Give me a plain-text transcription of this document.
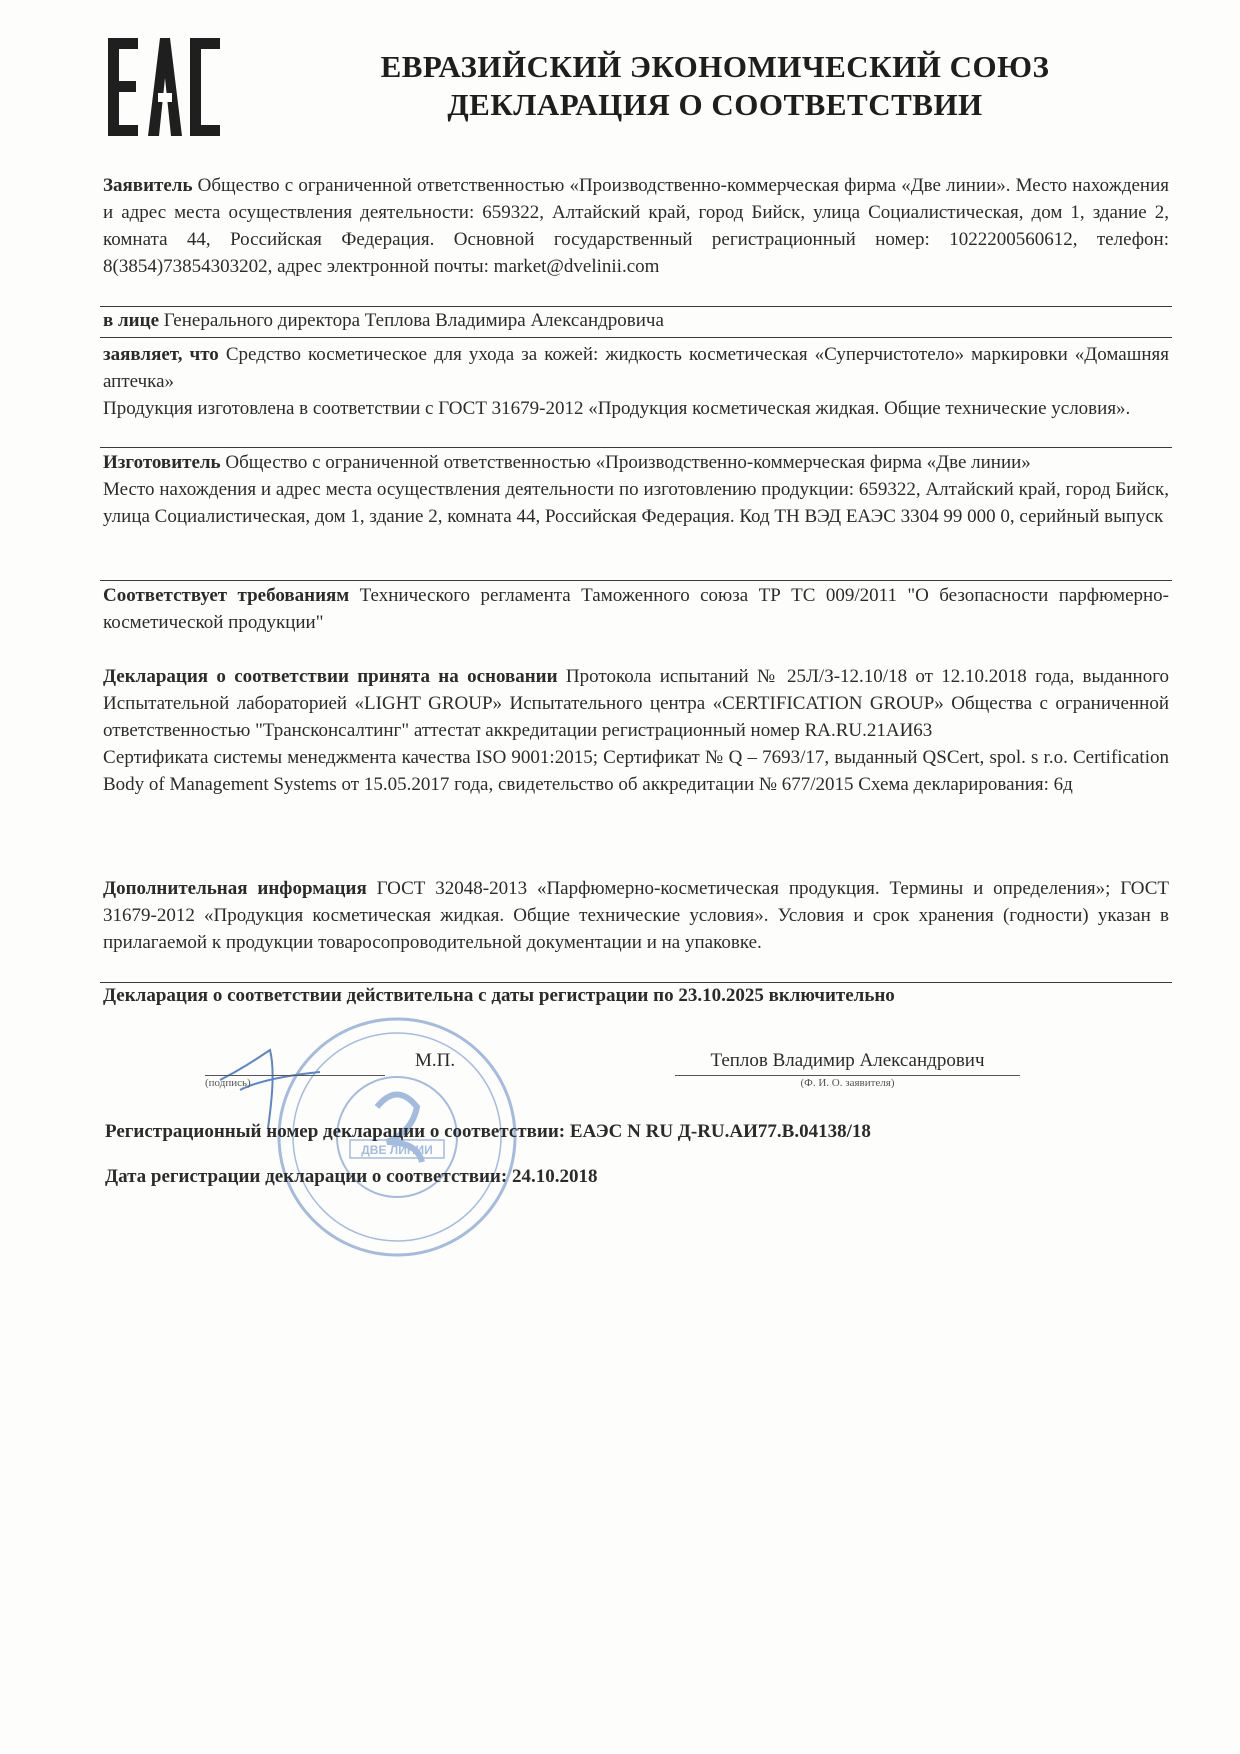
ЕВРАЗИЙСКИЙ ЭКОНОМИЧЕСКИЙ СОЮЗ
ДЕКЛАРАЦИЯ О СООТВЕТСТВИИ
Заявитель Общество с ограниченной ответственностью «Производственно-коммерческая фирма «Две линии». Место нахождения и адрес места осуществления деятельности: 659322, Алтайский край, город Бийск, улица Социалистическая, дом 1, здание 2, комната 44, Российская Федерация. Основной государственный регистрационный номер: 1022200560612, телефон: 8(3854)73854303202, адрес электронной почты: market@dvelinii.com
в лице Генерального директора Теплова Владимира Александровича
заявляет, что Средство косметическое для ухода за кожей: жидкость косметическая «Суперчистотело» маркировки «Домашняя аптечка»
Продукция изготовлена в соответствии с ГОСТ 31679-2012 «Продукция косметическая жидкая. Общие технические условия».
Изготовитель Общество с ограниченной ответственностью «Производственно-коммерческая фирма «Две линии»
Место нахождения и адрес места осуществления деятельности по изготовлению продукции: 659322, Алтайский край, город Бийск, улица Социалистическая, дом 1, здание 2, комната 44, Российская Федерация. Код ТН ВЭД ЕАЭС 3304 99 000 0, серийный выпуск
Соответствует требованиям Технического регламента Таможенного союза ТР ТС 009/2011 "О безопасности парфюмерно-косметической продукции"
Декларация о соответствии принята на основании Протокола испытаний № 25Л/З-12.10/18 от 12.10.2018 года, выданного Испытательной лабораторией «LIGHT GROUP» Испытательного центра «CERTIFICATION GROUP» Общества с ограниченной ответственностью "Трансконсалтинг" аттестат аккредитации регистрационный номер RA.RU.21АИ63
Сертификата системы менеджмента качества ISO 9001:2015; Сертификат № Q – 7693/17, выданный QSCert, spol. s r.o. Certification Body of Management Systems от 15.05.2017 года, свидетельство об аккредитации № 677/2015 Схема декларирования: 6д
Дополнительная информация ГОСТ 32048-2013 «Парфюмерно-косметическая продукция. Термины и определения»; ГОСТ 31679-2012 «Продукция косметическая жидкая. Общие технические условия». Условия и срок хранения (годности) указан в прилагаемой к продукции товаросопроводительной документации и на упаковке.
Декларация о соответствии действительна с даты регистрации по 23.10.2025 включительно
ДВЕ ЛИНИИ
М.П.	Теплов Владимир Александрович
(подпись)	(Ф. И. О. заявителя)
Регистрационный номер декларации о соответствии: ЕАЭС N RU Д-RU.АИ77.В.04138/18
Дата регистрации декларации о соответствии: 24.10.2018
